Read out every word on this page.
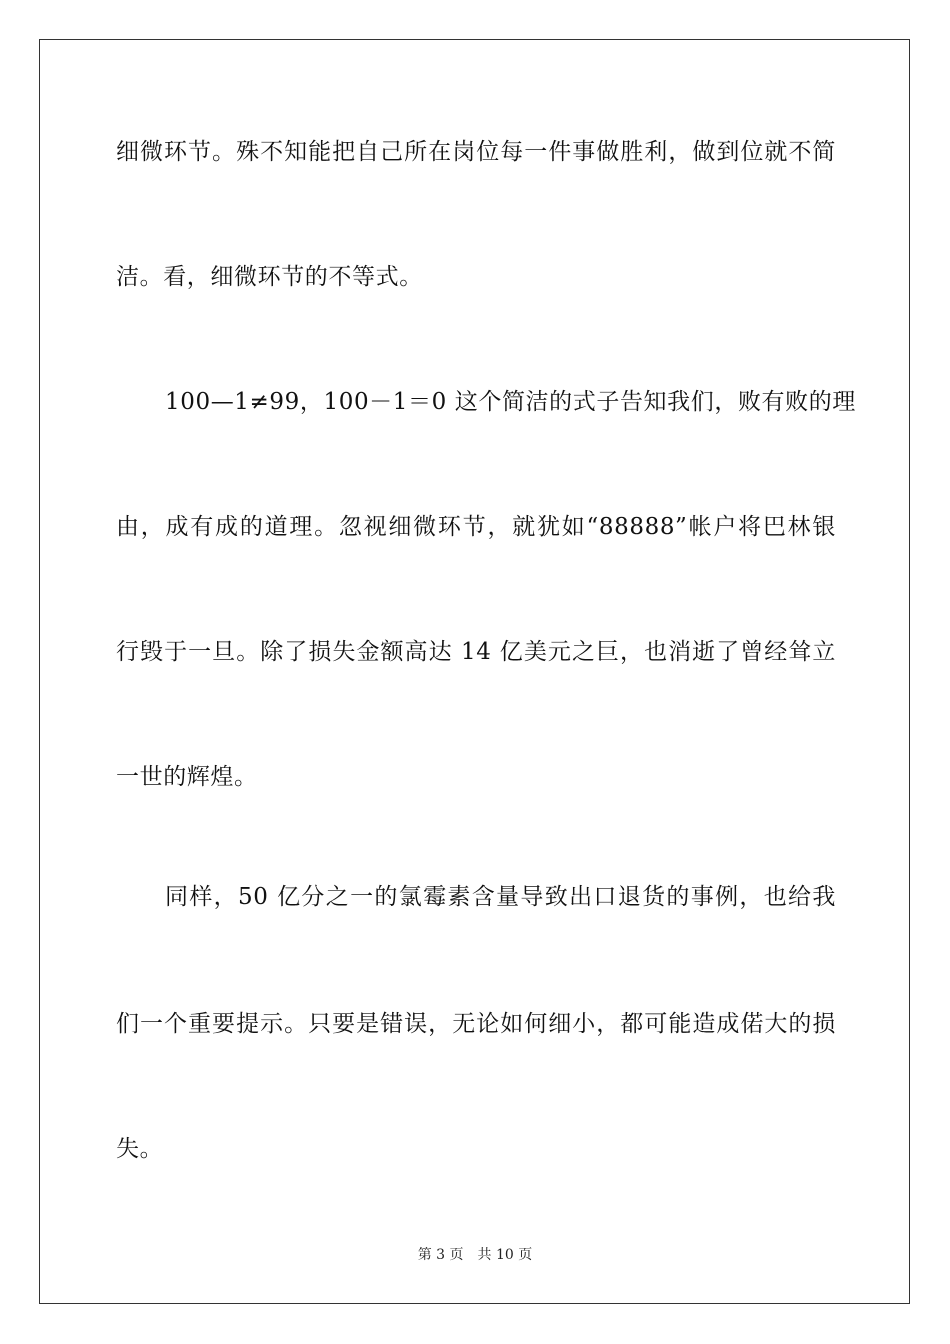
细微环节。殊不知能把自己所在岗位每一件事做胜利，做到位就不简
洁。看，细微环节的不等式。
100—1≠99，100－1＝0 这个简洁的式子告知我们，败有败的理
由，成有成的道理。忽视细微环节，就犹如“88888”帐户将巴林银
行毁于一旦。除了损失金额高达 14 亿美元之巨，也消逝了曾经耸立
一世的辉煌。
同样，50 亿分之一的氯霉素含量导致出口退货的事例，也给我
们一个重要提示。只要是错误，无论如何细小，都可能造成偌大的损
失。
第 3 页 共 10 页
